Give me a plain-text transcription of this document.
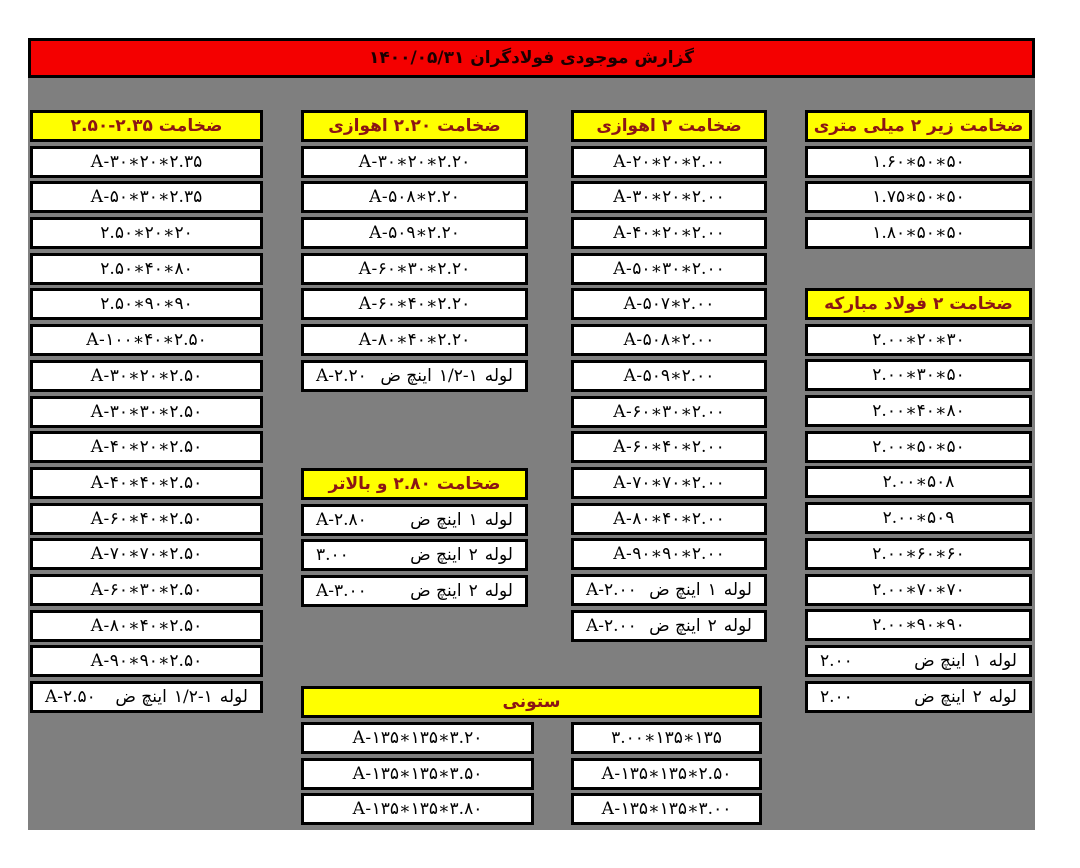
گزارش موجودی فولادگران ۱۴۰۰/۰۵/۳۱
ضخامت ۲.۳۵-۲.۵۰
A-۳۰∗۲۰∗۲.۳۵
A-۵۰∗۳۰∗۲.۳۵
۲.۵۰∗۲۰∗۲۰
۲.۵۰∗۴۰∗۸۰
۲.۵۰∗۹۰∗۹۰
A-۱۰۰∗۴۰∗۲.۵۰
A-۳۰∗۲۰∗۲.۵۰
A-۳۰∗۳۰∗۲.۵۰
A-۴۰∗۲۰∗۲.۵۰
A-۴۰∗۴۰∗۲.۵۰
A-۶۰∗۴۰∗۲.۵۰
A-۷۰∗۷۰∗۲.۵۰
A-۶۰∗۳۰∗۲.۵۰
A-۸۰∗۴۰∗۲.۵۰
A-۹۰∗۹۰∗۲.۵۰
A-۲.۵۰ اینچ ض ۱/۲-۱ لوله
ضخامت ۲.۲۰ اهوازی
A-۳۰∗۲۰∗۲.۲۰
A-۵۰۸∗۲.۲۰
A-۵۰۹∗۲.۲۰
A-۶۰∗۳۰∗۲.۲۰
A-۶۰∗۴۰∗۲.۲۰
A-۸۰∗۴۰∗۲.۲۰
A-۲.۲۰ اینچ ض ۱/۲-۱ لوله
ضخامت ۲.۸۰ و بالاتر
A-۲.۸۰	اینچ ض ۱ لوله
۳.۰۰	اینچ ض ۲ لوله
A-۳.۰۰	اینچ ض ۲ لوله
ضخامت ۲ اهوازی
A-۲۰∗۲۰∗۲.۰۰
A-۳۰∗۲۰∗۲.۰۰
A-۴۰∗۲۰∗۲.۰۰
A-۵۰∗۳۰∗۲.۰۰
A-۵۰۷∗۲.۰۰
A-۵۰۸∗۲.۰۰
A-۵۰۹∗۲.۰۰
A-۶۰∗۳۰∗۲.۰۰
A-۶۰∗۴۰∗۲.۰۰
A-۷۰∗۷۰∗۲.۰۰
A-۸۰∗۴۰∗۲.۰۰
A-۹۰∗۹۰∗۲.۰۰
A-۲.۰۰ اینچ ض ۱ لوله
A-۲.۰۰ اینچ ض ۲ لوله
ضخامت زیر ۲ میلی متری
۱.۶۰∗۵۰∗۵۰
۱.۷۵∗۵۰∗۵۰
۱.۸۰∗۵۰∗۵۰
ضخامت ۲ فولاد مبارکه
۲.۰۰∗۲۰∗۳۰
۲.۰۰∗۳۰∗۵۰
۲.۰۰∗۴۰∗۸۰
۲.۰۰∗۵۰∗۵۰
۲.۰۰∗۵۰۸
۲.۰۰∗۵۰۹
۲.۰۰∗۶۰∗۶۰
۲.۰۰∗۷۰∗۷۰
۲.۰۰∗۹۰∗۹۰
۲.۰۰	اینچ ض ۱ لوله
۲.۰۰	اینچ ض ۲ لوله
ستونی
A-۱۳۵∗۱۳۵∗۳.۲۰
A-۱۳۵∗۱۳۵∗۳.۵۰
A-۱۳۵∗۱۳۵∗۳.۸۰
۳.۰۰∗۱۳۵∗۱۳۵
A-۱۳۵∗۱۳۵∗۲.۵۰
A-۱۳۵∗۱۳۵∗۳.۰۰
